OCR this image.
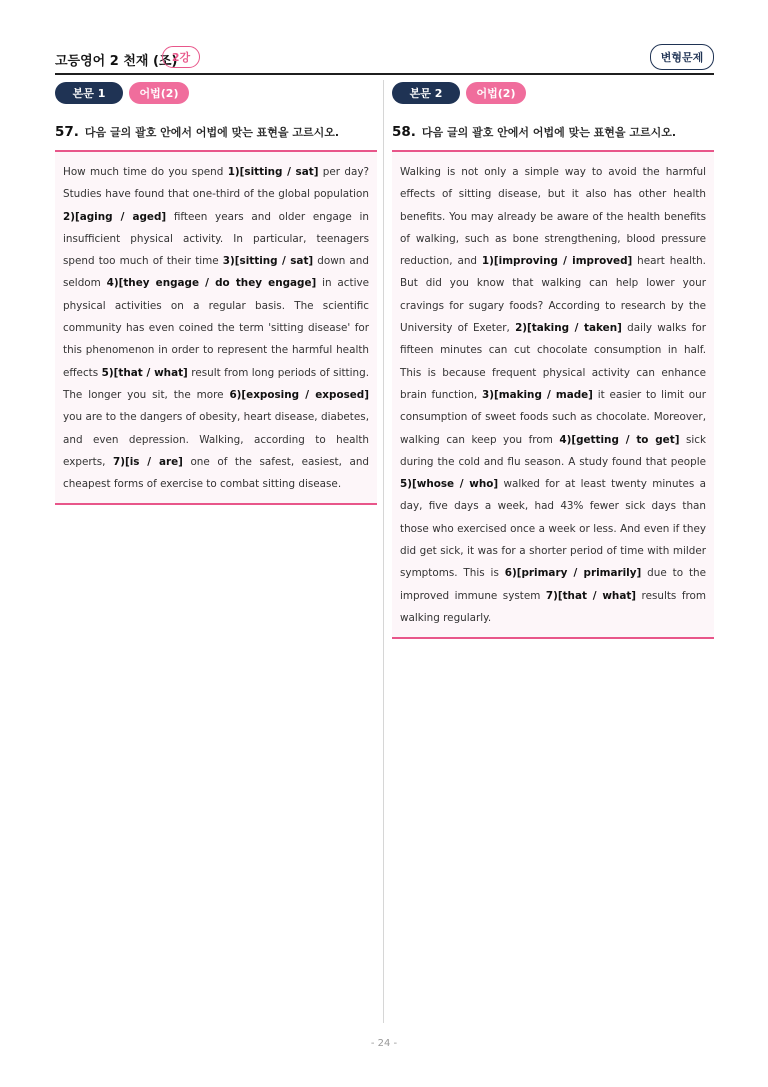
고등영어 2 천재 (조)
2강	변형문제
본문 1	어법(2)
57. 다음 글의 괄호 안에서 어법에 맞는 표현을 고르시오.

How much time do you spend 1)[sitting / sat] per day? Studies have found that one-third of the global population 2)[aging / aged] fifteen years and older engage in insufficient physical activity. In particular, teenagers spend too much of their time 3)[sitting / sat] down and seldom 4)[they engage / do they engage] in active physical activities on a regular basis. The scientific community has even coined the term 'sitting disease' for this phenomenon in order to represent the harmful health effects 5)[that / what] result from long periods of sitting. The longer you sit, the more 6)[exposing / exposed] you are to the dangers of obesity, heart disease, diabetes, and even depression. Walking, according to health experts, 7)[is / are] one of the safest, easiest, and cheapest forms of exercise to combat sitting disease.

본문 2	어법(2)
58. 다음 글의 괄호 안에서 어법에 맞는 표현을 고르시오.

Walking is not only a simple way to avoid the harmful effects of sitting disease, but it also has other health benefits. You may already be aware of the health benefits of walking, such as bone strengthening, blood pressure reduction, and 1)[improving / improved] heart health. But did you know that walking can help lower your cravings for sugary foods? According to research by the University of Exeter, 2)[taking / taken] daily walks for fifteen minutes can cut chocolate consumption in half. This is because frequent physical activity can enhance brain function, 3)[making / made] it easier to limit our consumption of sweet foods such as chocolate. Moreover, walking can keep you from 4)[getting / to get] sick during the cold and flu season. A study found that people 5)[whose / who] walked for at least twenty minutes a day, five days a week, had 43% fewer sick days than those who exercised once a week or less. And even if they did get sick, it was for a shorter period of time with milder symptoms. This is 6)[primary / primarily] due to the improved immune system 7)[that / what] results from walking regularly.

- 24 -
